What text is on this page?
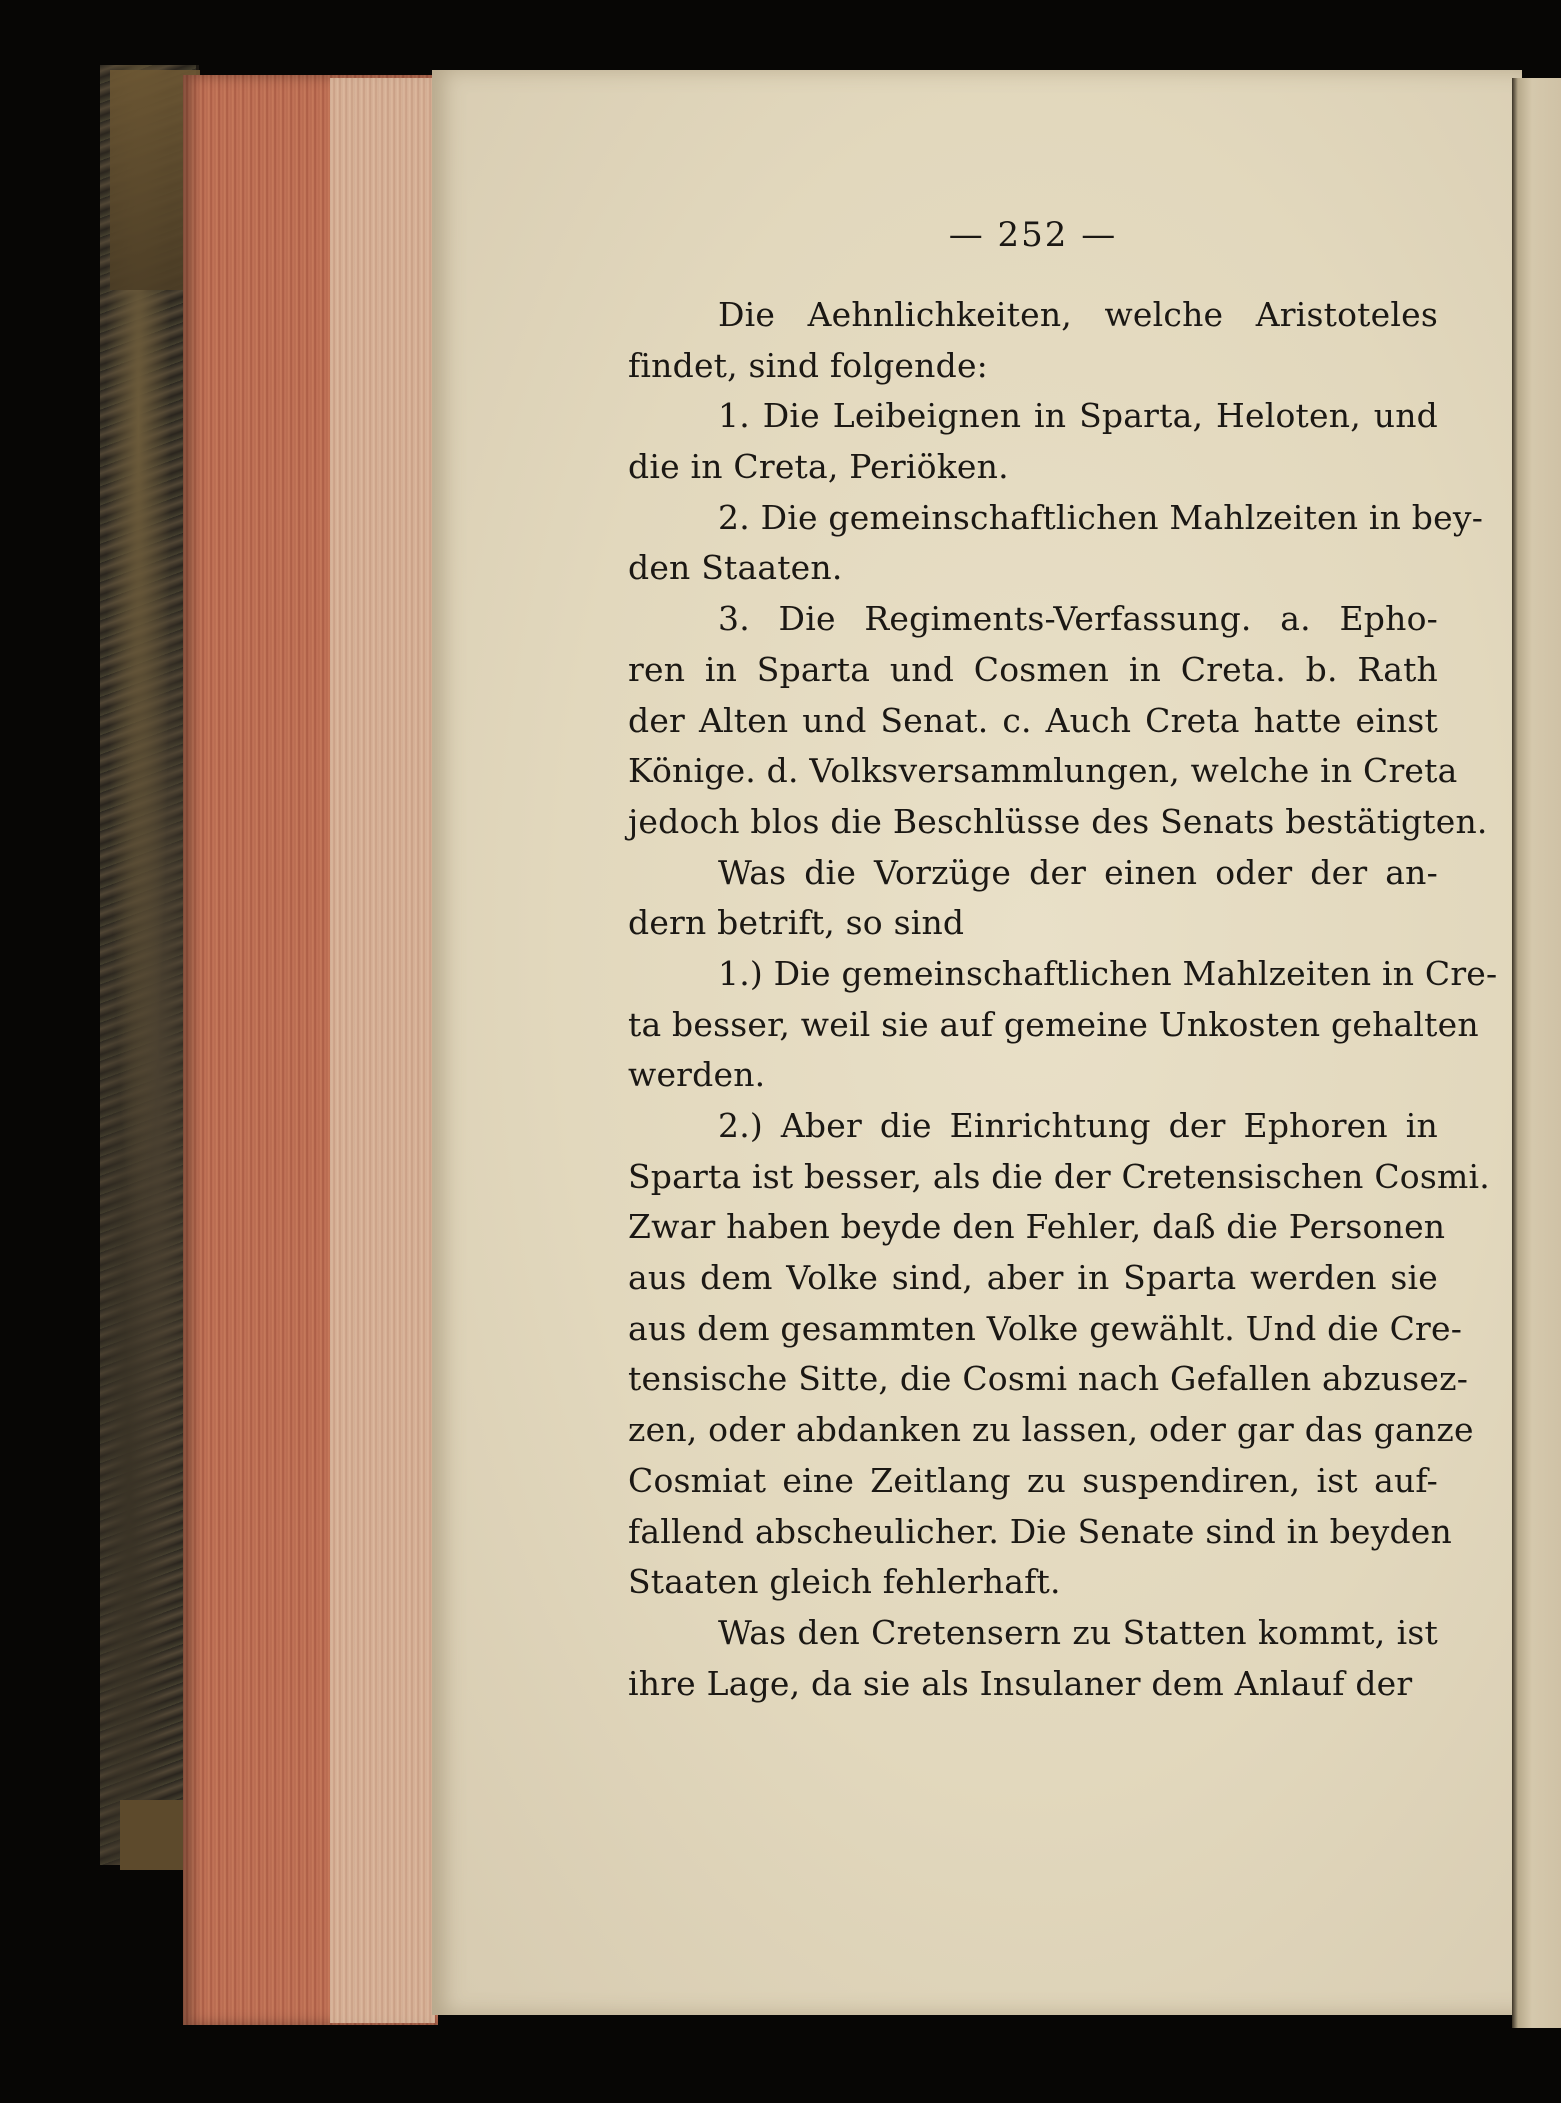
— 252 —
Die Aehnlichkeiten, welche Aristoteles
findet, sind folgende:
1. Die Leibeignen in Sparta, Heloten, und
die in Creta, Periöken.
2. Die gemeinschaftlichen Mahlzeiten in bey-
den Staaten.
3. Die Regiments-Verfassung. a. Epho-
ren in Sparta und Cosmen in Creta. b. Rath
der Alten und Senat. c. Auch Creta hatte einst
Könige. d. Volksversammlungen, welche in Creta
jedoch blos die Beschlüsse des Senats bestätigten.
Was die Vorzüge der einen oder der an-
dern betrift, so sind
1.) Die gemeinschaftlichen Mahlzeiten in Cre-
ta besser, weil sie auf gemeine Unkosten gehalten
werden.
2.) Aber die Einrichtung der Ephoren in
Sparta ist besser, als die der Cretensischen Cosmi.
Zwar haben beyde den Fehler, daß die Personen
aus dem Volke sind, aber in Sparta werden sie
aus dem gesammten Volke gewählt. Und die Cre-
tensische Sitte, die Cosmi nach Gefallen abzusez-
zen, oder abdanken zu lassen, oder gar das ganze
Cosmiat eine Zeitlang zu suspendiren, ist auf-
fallend abscheulicher. Die Senate sind in beyden
Staaten gleich fehlerhaft.
Was den Cretensern zu Statten kommt, ist
ihre Lage, da sie als Insulaner dem Anlauf der
